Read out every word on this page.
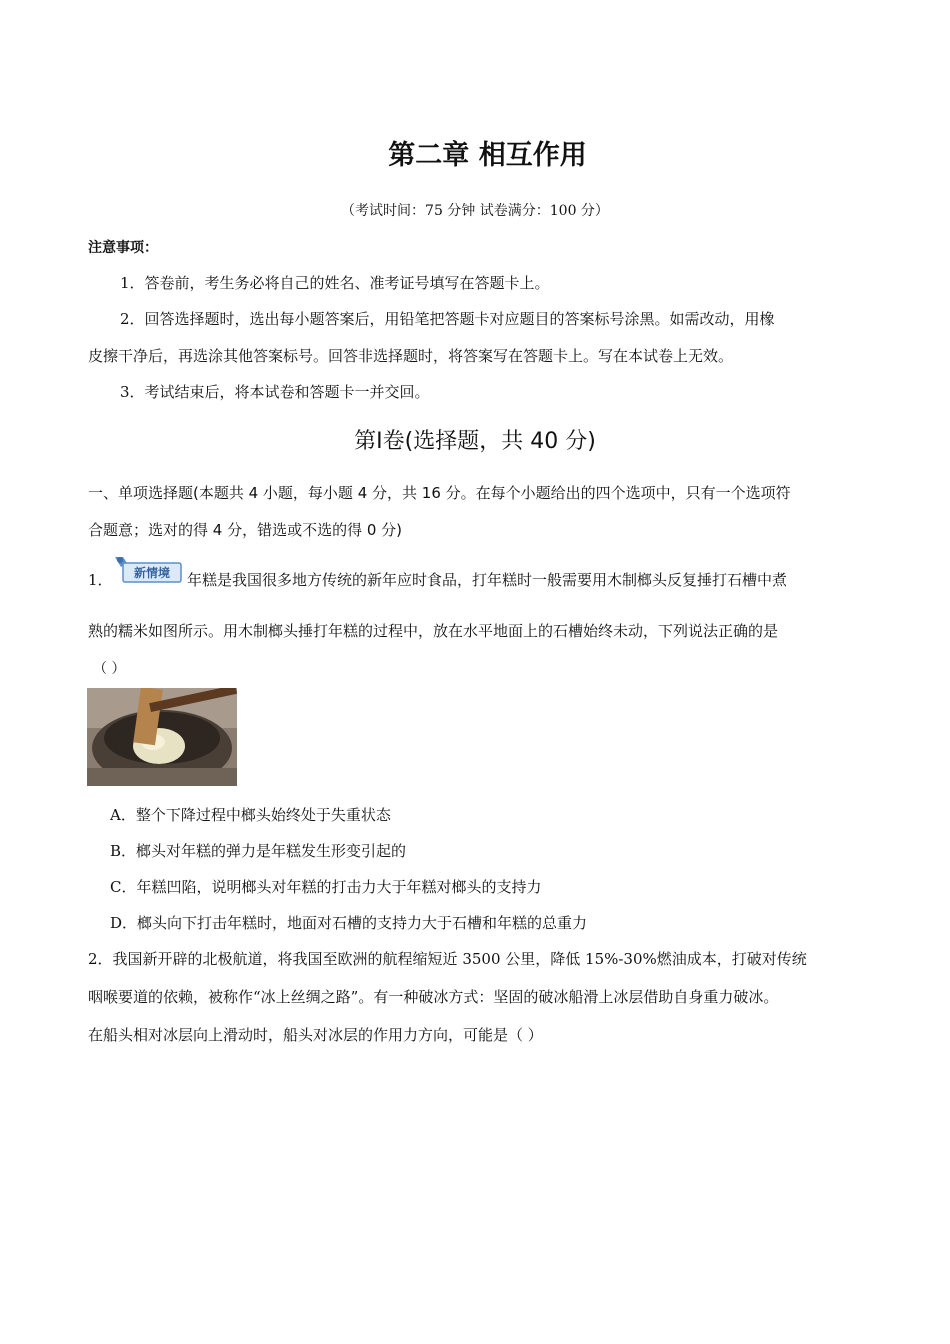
第二章 相互作用
（考试时间：75 分钟 试卷满分：100 分）
注意事项：
1．答卷前，考生务必将自己的姓名、准考证号填写在答题卡上。
2．回答选择题时，选出每小题答案后，用铅笔把答题卡对应题目的答案标号涂黑。如需改动，用橡
皮擦干净后，再选涂其他答案标号。回答非选择题时，将答案写在答题卡上。写在本试卷上无效。
3．考试结束后，将本试卷和答题卡一并交回。
第Ⅰ卷(选择题，共 40 分)
一、单项选择题(本题共 4 小题，每小题 4 分，共 16 分。在每个小题给出的四个选项中，只有一个选项符
合题意；选对的得 4 分，错选或不选的得 0 分)
1． 新情境 年糕是我国很多地方传统的新年应时食品，打年糕时一般需要用木制榔头反复捶打石槽中煮
熟的糯米如图所示。用木制榔头捶打年糕的过程中，放在水平地面上的石槽始终未动，下列说法正确的是
（ ）
A．整个下降过程中榔头始终处于失重状态
B．榔头对年糕的弹力是年糕发生形变引起的
C．年糕凹陷，说明榔头对年糕的打击力大于年糕对榔头的支持力
D．榔头向下打击年糕时，地面对石槽的支持力大于石槽和年糕的总重力
2．我国新开辟的北极航道，将我国至欧洲的航程缩短近 3500 公里，降低 15%-30%燃油成本，打破对传统
咽喉要道的依赖，被称作“冰上丝绸之路”。有一种破冰方式：坚固的破冰船滑上冰层借助自身重力破冰。
在船头相对冰层向上滑动时，船头对冰层的作用力方向，可能是（ ）
